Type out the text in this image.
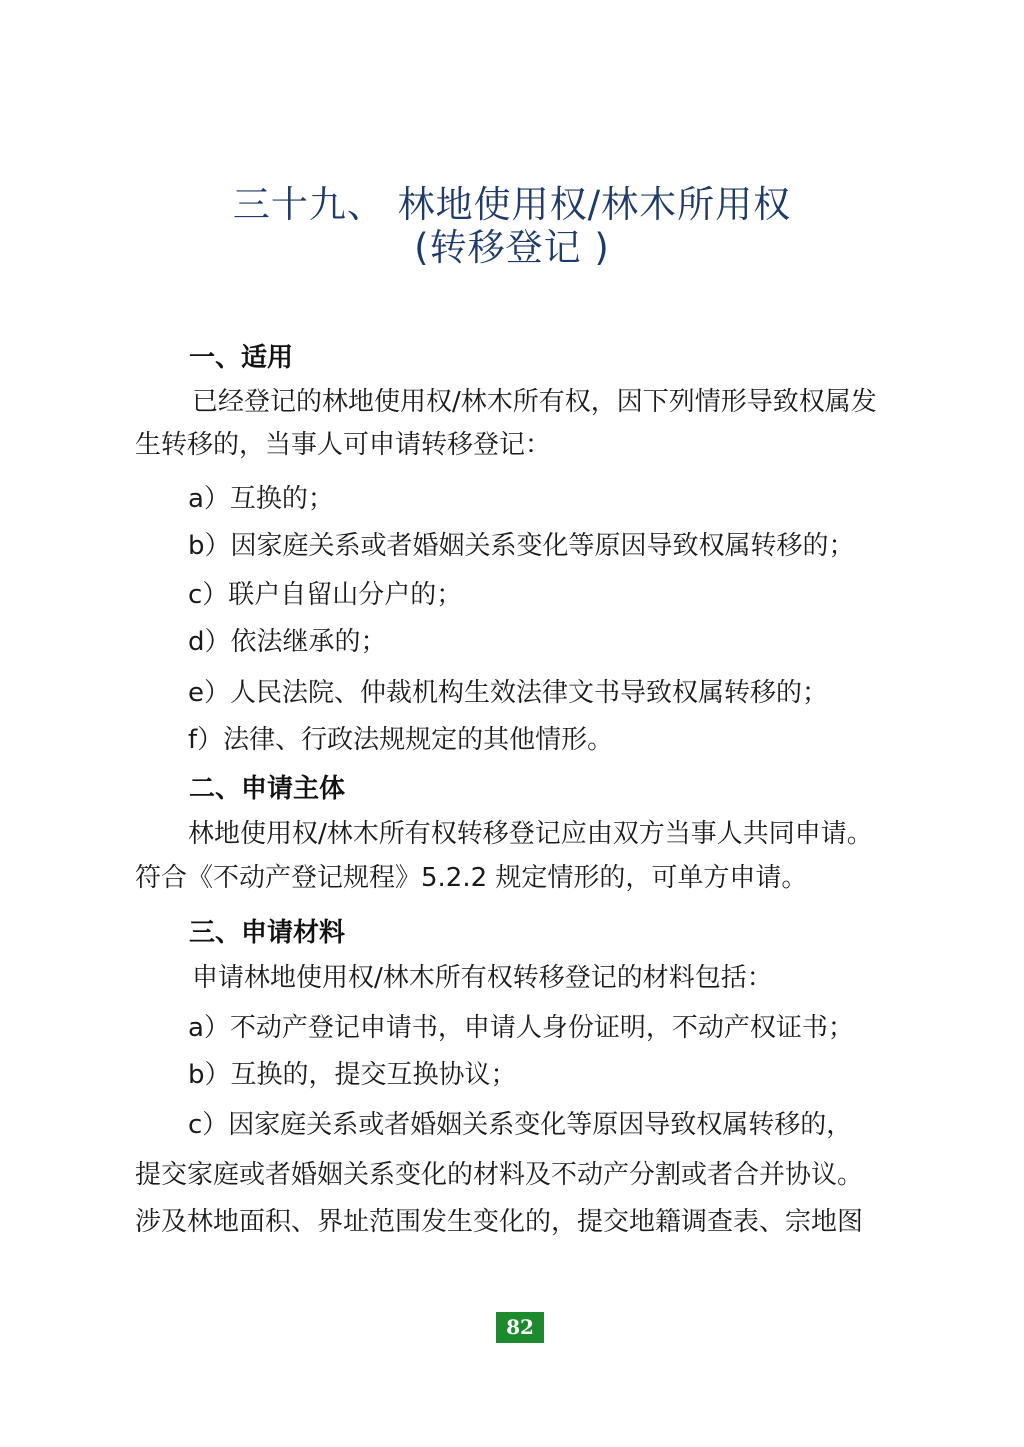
三十九、 林地使用权/林木所用权
(转移登记 )
一、适用
已经登记的林地使用权/林木所有权，因下列情形导致权属发
生转移的，当事人可申请转移登记：
a）互换的；
b）因家庭关系或者婚姻关系变化等原因导致权属转移的；
c）联户自留山分户的；
d）依法继承的；
e）人民法院、仲裁机构生效法律文书导致权属转移的；
f）法律、行政法规规定的其他情形。
二、申请主体
林地使用权/林木所有权转移登记应由双方当事人共同申请。
符合《不动产登记规程》5.2.2 规定情形的，可单方申请。
三、申请材料
申请林地使用权/林木所有权转移登记的材料包括：
a）不动产登记申请书，申请人身份证明，不动产权证书；
b）互换的，提交互换协议；
c）因家庭关系或者婚姻关系变化等原因导致权属转移的，
提交家庭或者婚姻关系变化的材料及不动产分割或者合并协议。
涉及林地面积、界址范围发生变化的，提交地籍调查表、宗地图
82
